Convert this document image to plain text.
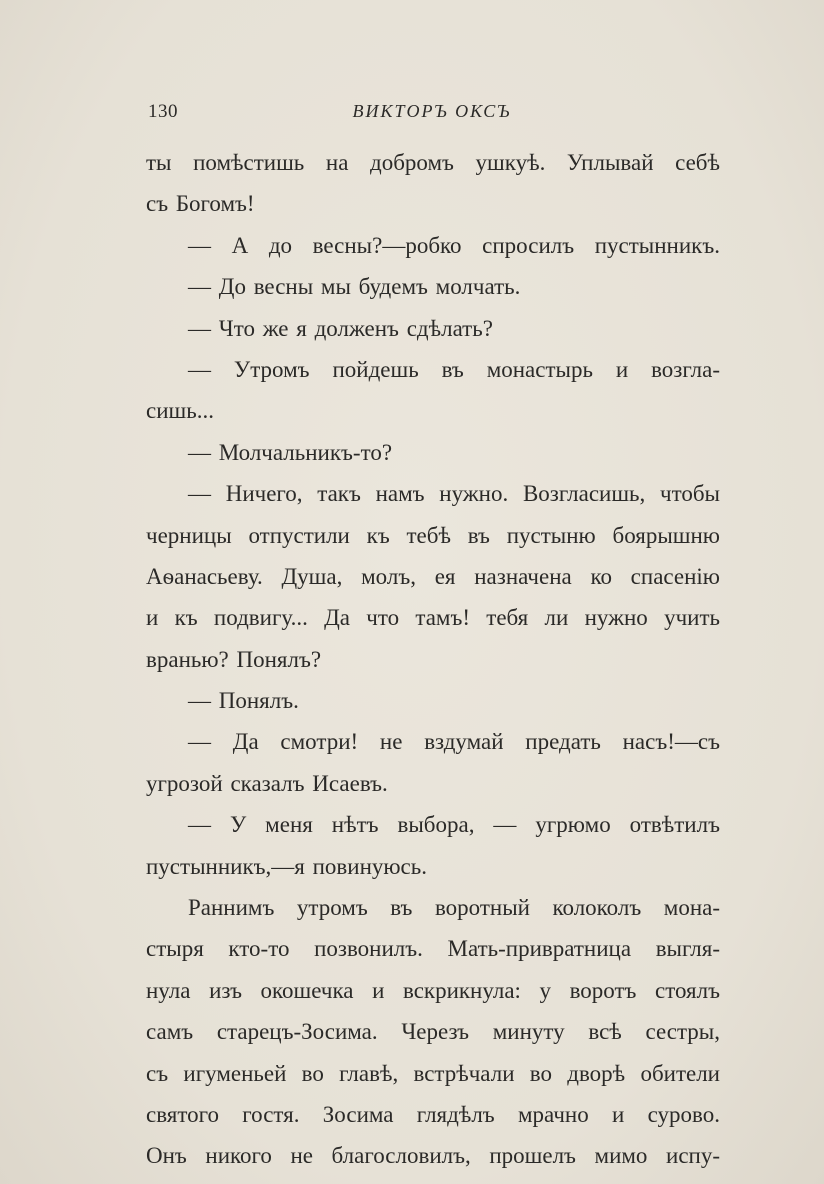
130	ВИКТОРЪ ОКСЪ
ты помѣстишь на добромъ ушкуѣ. Уплывай себѣ
съ Богомъ!
— А до весны?—робко спросилъ пустынникъ.
— До весны мы будемъ молчать.
— Что же я долженъ сдѣлать?
— Утромъ пойдешь въ монастырь и возгла-
сишь...
— Молчальникъ-то?
— Ничего, такъ намъ нужно. Возгласишь, чтобы
черницы отпустили къ тебѣ въ пустыню боярышню
Аѳанасьеву. Душа, молъ, ея назначена ко спасенію
и къ подвигу... Да что тамъ! тебя ли нужно учить
вранью? Понялъ?
— Понялъ.
— Да смотри! не вздумай предать насъ!—съ
угрозой сказалъ Исаевъ.
— У меня нѣтъ выбора, — угрюмо отвѣтилъ
пустынникъ,—я повинуюсь.
Раннимъ утромъ въ воротный колоколъ мона-
стыря кто-то позвонилъ. Мать-привратница выгля-
нула изъ окошечка и вскрикнула: у воротъ стоялъ
самъ старецъ-Зосима. Черезъ минуту всѣ сестры,
съ игуменьей во главѣ, встрѣчали во дворѣ обители
святого гостя. Зосима глядѣлъ мрачно и сурово.
Онъ никого не благословилъ, прошелъ мимо испу-
